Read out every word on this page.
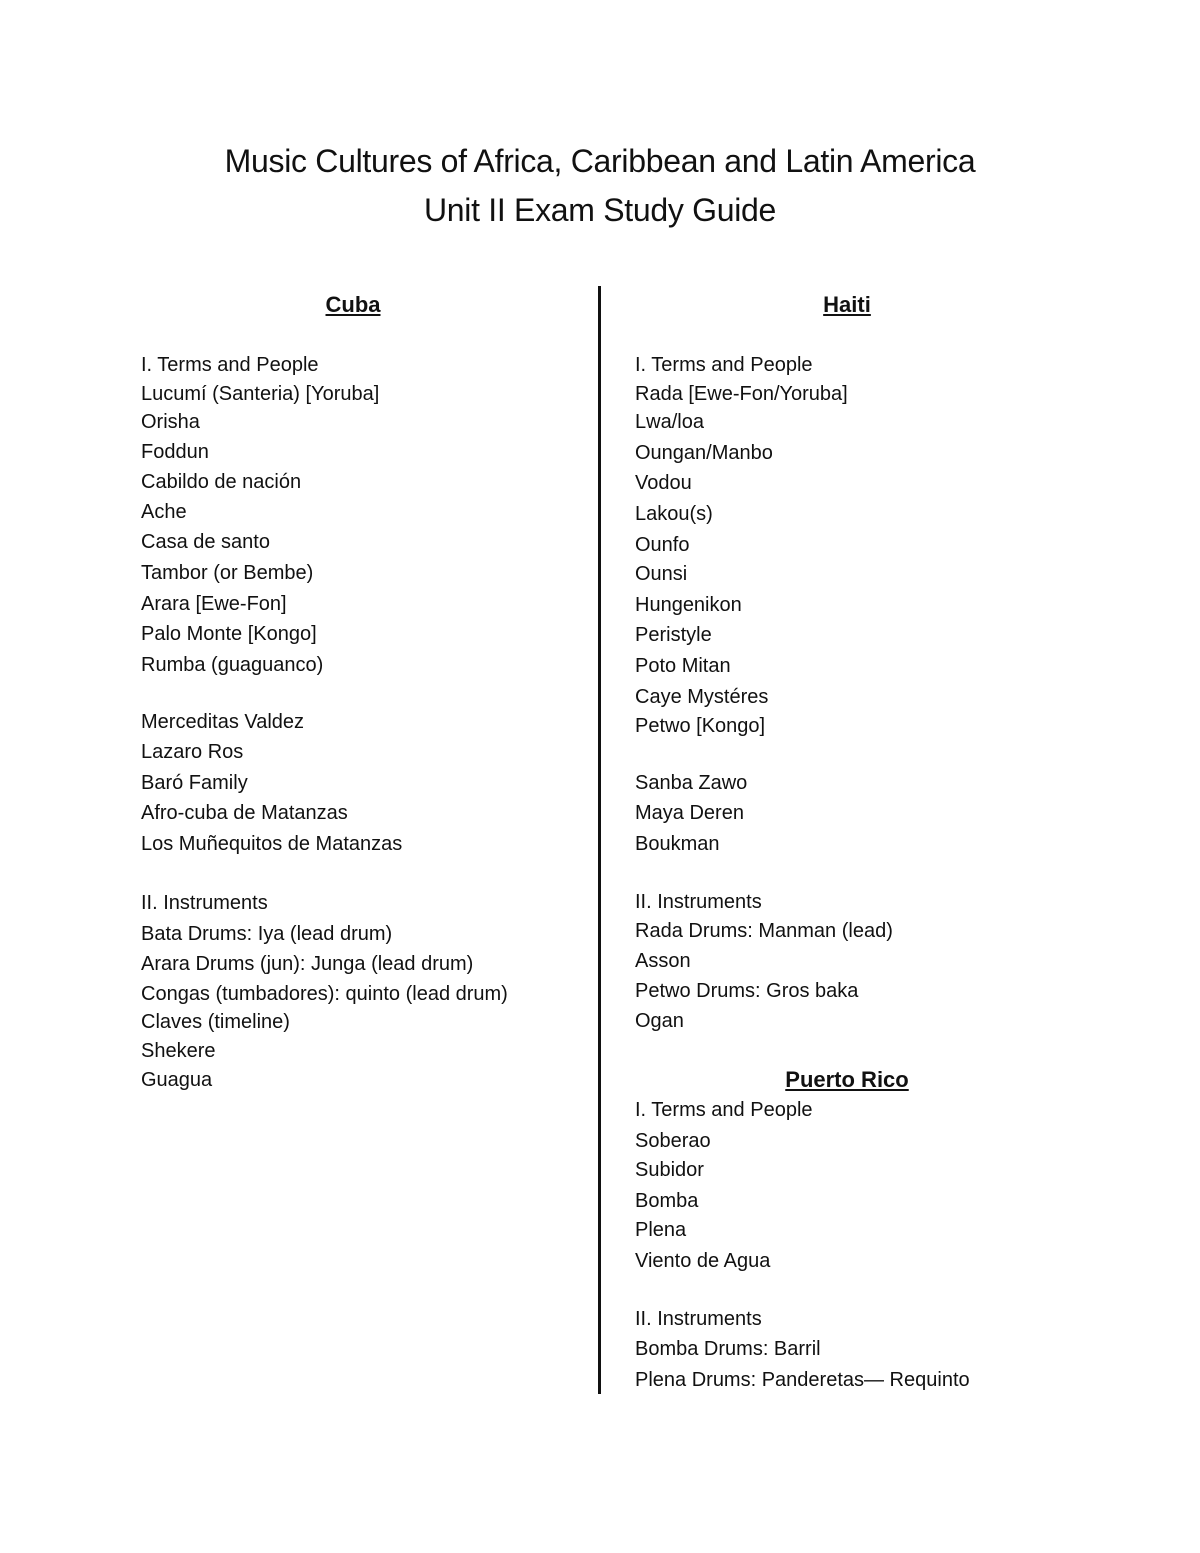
Music Cultures of Africa, Caribbean and Latin America
Unit II Exam Study Guide

Cuba

I. Terms and People

Lucumí (Santeria) [Yoruba]

Orisha

Foddun

Cabildo de nación

Ache

Casa de santo

Tambor (or Bembe)

Arara [Ewe-Fon]

Palo Monte [Kongo]

Rumba (guaguanco)

Merceditas Valdez

Lazaro Ros

Baró Family

Afro-cuba de Matanzas

Los Muñequitos de Matanzas

II. Instruments

Bata Drums: Iya (lead drum)

Arara Drums (jun): Junga (lead drum)

Congas (tumbadores): quinto (lead drum)

Claves (timeline)

Shekere

Guagua

Haiti

I. Terms and People

Rada [Ewe-Fon/Yoruba]

Lwa/loa

Oungan/Manbo

Vodou

Lakou(s)

Ounfo

Ounsi

Hungenikon

Peristyle

Poto Mitan

Caye Mystéres

Petwo [Kongo]

Sanba Zawo

Maya Deren

Boukman

II. Instruments

Rada Drums: Manman (lead)

Asson

Petwo Drums: Gros baka

Ogan

Puerto Rico

I. Terms and People

Soberao

Subidor

Bomba

Plena

Viento de Agua

II. Instruments

Bomba Drums: Barril

Plena Drums: Panderetas— Requinto
